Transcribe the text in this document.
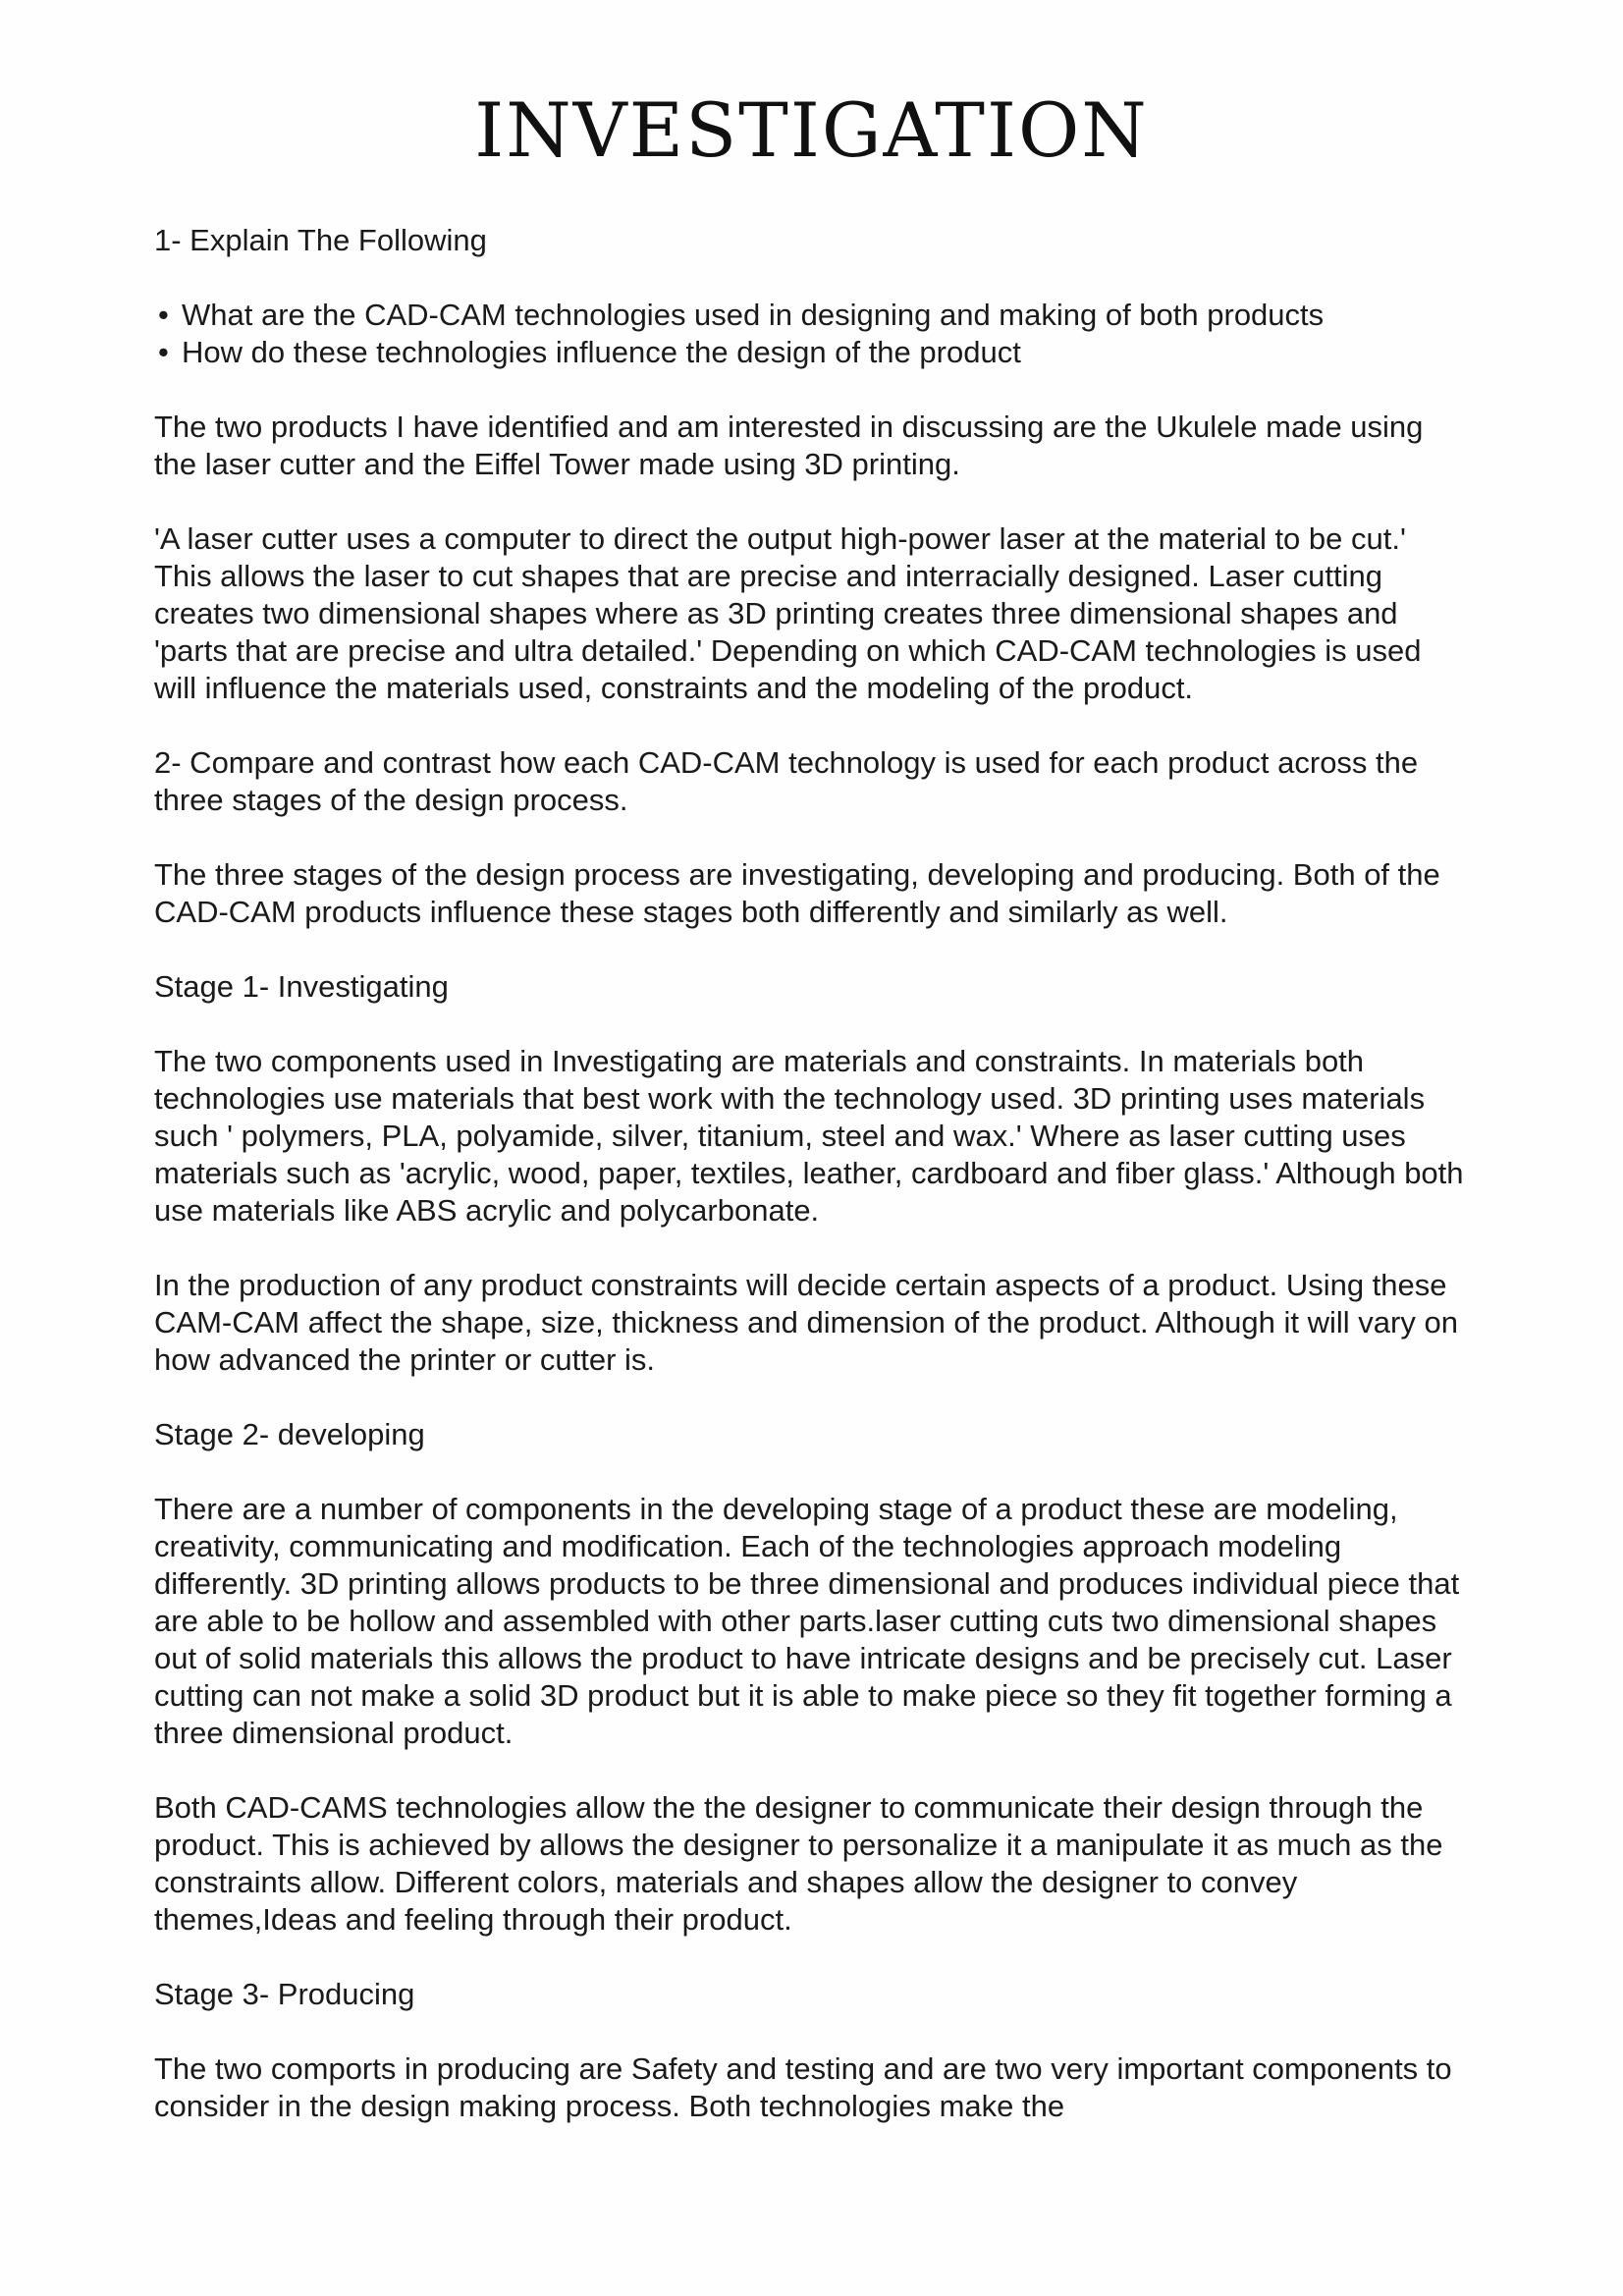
INVESTIGATION

1- Explain The Following

• What are the CAD-CAM technologies used in designing and making of both products
• How do these technologies influence the design of the product

The two products I have identified and am interested in discussing are the Ukulele made using the laser cutter and the Eiffel Tower made using 3D printing.

'A laser cutter uses a computer to direct the output high-power laser at the material to be cut.' This allows the laser to cut shapes that are precise and interracially designed. Laser cutting creates two dimensional shapes where as 3D printing creates three dimensional shapes and 'parts that are precise and ultra detailed.' Depending on which CAD-CAM technologies is used will influence the materials used, constraints and the modeling of the product.

2- Compare and contrast how each CAD-CAM technology is used for each product across the three stages of the design process.

The three stages of the design process are investigating, developing and producing. Both of the CAD-CAM products influence these stages both differently and similarly as well.

Stage 1- Investigating

The two components used in Investigating are materials and constraints. In materials both technologies use materials that best work with the technology used. 3D printing uses materials such ' polymers, PLA, polyamide, silver, titanium, steel and wax.' Where as laser cutting uses materials such as 'acrylic, wood, paper, textiles, leather, cardboard and fiber glass.' Although both use materials like ABS acrylic and polycarbonate.

In the production of any product constraints will decide certain aspects of a product. Using these CAM-CAM affect the shape, size, thickness and dimension of the product. Although it will vary on how advanced the printer or cutter is.

Stage 2- developing

There are a number of components in the developing stage of a product these are modeling, creativity, communicating and modification. Each of the technologies approach modeling differently. 3D printing allows products to be three dimensional and produces individual piece that are able to be hollow and assembled with other parts.laser cutting cuts two dimensional shapes out of solid materials this allows the product to have intricate designs and be precisely cut. Laser cutting can not make a solid 3D product but it is able to make piece so they fit together forming a three dimensional product.

Both CAD-CAMS technologies allow the the designer to communicate their design through the product. This is achieved by allows the designer to personalize it a manipulate it as much as the constraints allow. Different colors, materials and shapes allow the designer to convey themes,Ideas and feeling through their product.

Stage 3- Producing

The two comports in producing are Safety and testing and are two very important components to consider in the design making process. Both technologies make the
